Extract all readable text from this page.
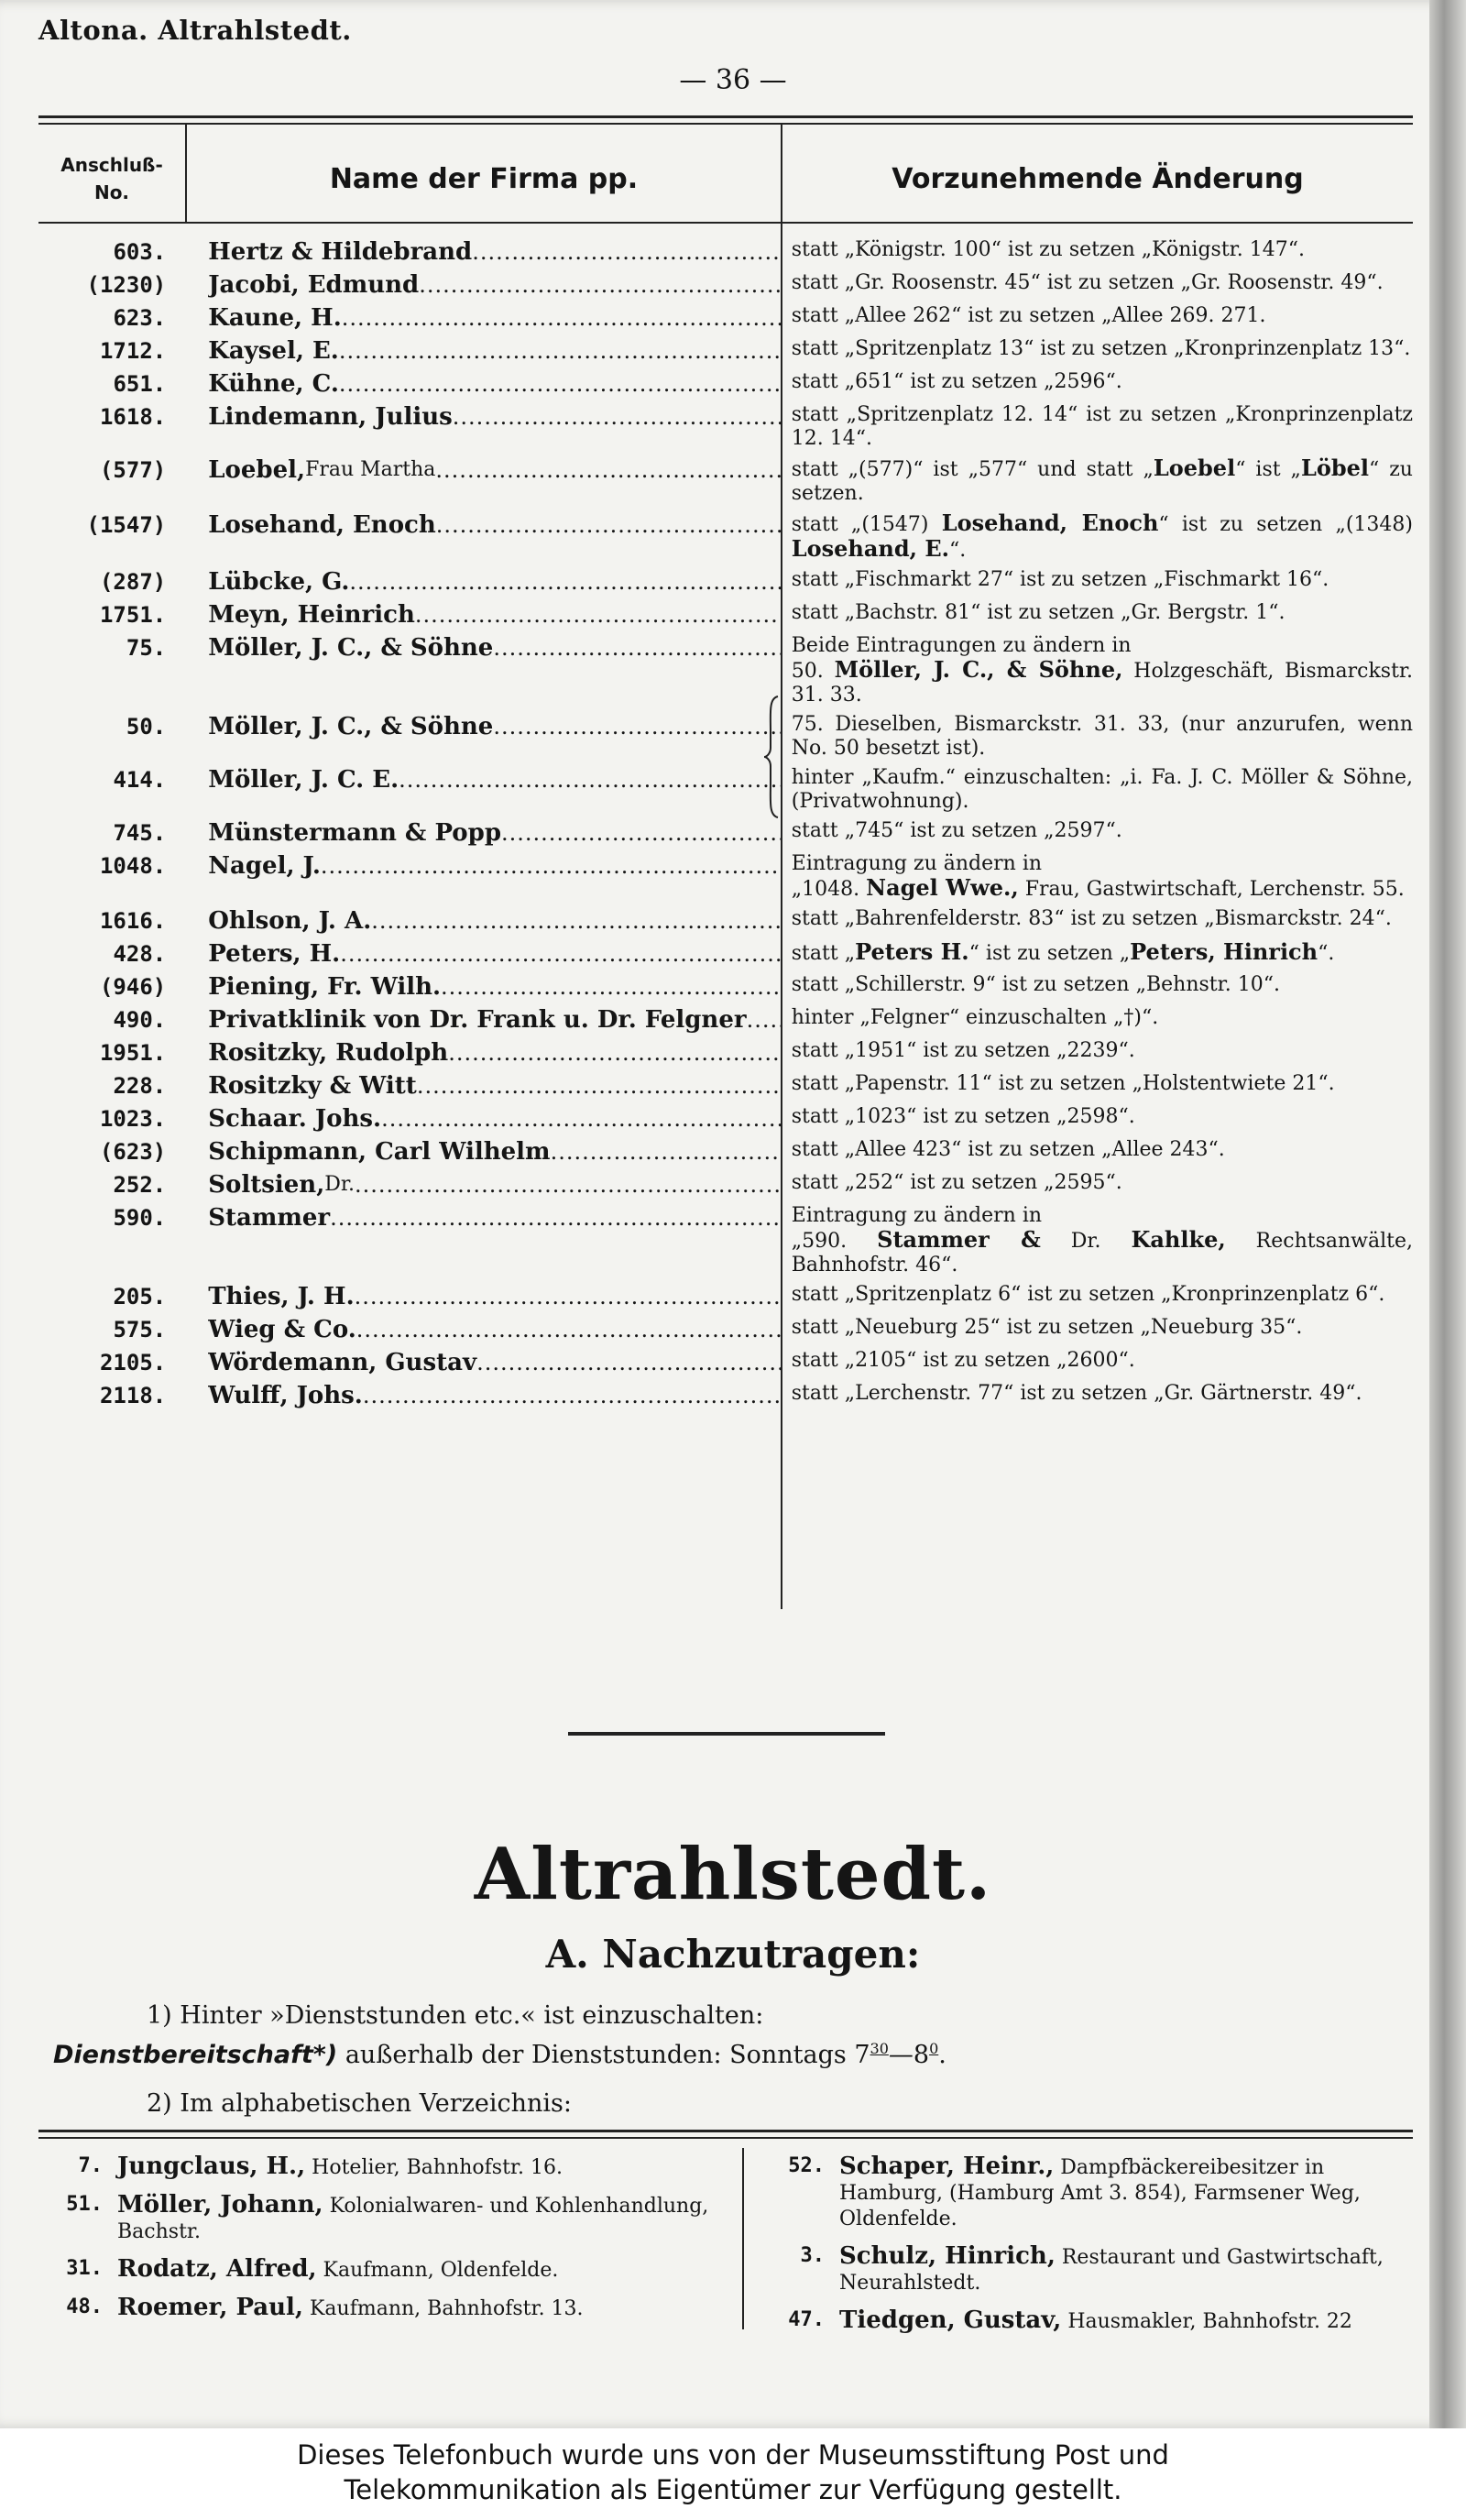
Altona. Altrahlstedt.
— 36 —
Anschluß-
No.	Name der Firma pp.	Vorzunehmende Änderung
603. Hertz & Hildebrand .....	statt „Königstr. 100“ ist zu setzen „Königstr. 147“.
(1230) Jacobi, Edmund .....	statt „Gr. Roosenstr. 45“ ist zu setzen „Gr. Roosenstr. 49“.
623. Kaune, H. .....	statt „Allee 262“ ist zu setzen „Allee 269. 271.
1712. Kaysel, E. .....	statt „Spritzenplatz 13“ ist zu setzen „Kronprinzenplatz 13“.
651. Kühne, C. .....	statt „651“ ist zu setzen „2596“.
1618. Lindemann, Julius .....	statt „Spritzenplatz 12. 14“ ist zu setzen „Kronprinzenplatz 12. 14“.
(577) Loebel, Frau Martha .....	statt „(577)“ ist „577“ und statt „Loebel“ ist „Löbel“ zu setzen.
(1547) Losehand, Enoch .....	statt „(1547) Losehand, Enoch“ ist zu setzen „(1348) Losehand, E.“.
(287) Lübcke, G. .....	statt „Fischmarkt 27“ ist zu setzen „Fischmarkt 16“.
1751. Meyn, Heinrich .....	statt „Bachstr. 81“ ist zu setzen „Gr. Bergstr. 1“.
75. Möller, J. C., & Söhne .....	Beide Eintragungen zu ändern in
50. Möller, J. C., & Söhne, Holzgeschäft, Bismarckstr. 31. 33.
50. Möller, J. C., & Söhne .....	75. Dieselben, Bismarckstr. 31. 33, (nur anzurufen, wenn No. 50 besetzt ist).
414. Möller, J. C. E. .....	hinter „Kaufm.“ einzuschalten: „i. Fa. J. C. Möller & Söhne, (Privatwohnung).
745. Münstermann & Popp .....	statt „745“ ist zu setzen „2597“.
1048. Nagel, J. .....	Eintragung zu ändern in
„1048. Nagel Wwe., Frau, Gastwirtschaft, Lerchenstr. 55.
1616. Ohlson, J. A. .....	statt „Bahrenfelderstr. 83“ ist zu setzen „Bismarckstr. 24“.
428. Peters, H. .....	statt „Peters H.“ ist zu setzen „Peters, Hinrich“.
(946) Piening, Fr. Wilh. .....	statt „Schillerstr. 9“ ist zu setzen „Behnstr. 10“.
490. Privatklinik von Dr. Frank u. Dr. Felgner ..... hinter „Felgner“ einzuschalten „†)“.
1951. Rositzky, Rudolph .....	statt „1951“ ist zu setzen „2239“.
228. Rositzky & Witt .....	statt „Papenstr. 11“ ist zu setzen „Holstentwiete 21“.
1023. Schaar. Johs. .....	statt „1023“ ist zu setzen „2598“.
(623) Schipmann, Carl Wilhelm .....	statt „Allee 423“ ist zu setzen „Allee 243“.
252. Soltsien, Dr. .....	statt „252“ ist zu setzen „2595“.
590. Stammer .....	Eintragung zu ändern in
„590. Stammer & Dr. Kahlke, Rechtsanwälte, Bahnhofstr. 46“.
205. Thies, J. H. .....	statt „Spritzenplatz 6“ ist zu setzen „Kronprinzenplatz 6“.
575. Wieg & Co. .....	statt „Neueburg 25“ ist zu setzen „Neueburg 35“.
2105. Wördemann, Gustav .....	statt „2105“ ist zu setzen „2600“.
2118. Wulff, Johs. .....	statt „Lerchenstr. 77“ ist zu setzen „Gr. Gärtnerstr. 49“.
Altrahlstedt.
A. Nachzutragen:
1) Hinter »Dienststunden etc.« ist einzuschalten:
Dienstbereitschaft*) außerhalb der Dienststunden: Sonntags $7^{30}—8^0$.
2) Im alphabetischen Verzeichnis:
7. Jungclaus, H., Hotelier, Bahnhofstr. 16.
51. Möller, Johann, Kolonialwaren- und Kohlenhandlung, Bachstr.
31. Rodatz, Alfred, Kaufmann, Oldenfelde.
48. Roemer, Paul, Kaufmann, Bahnhofstr. 13.
52. Schaper, Heinr., Dampfbäckereibesitzer in Hamburg, (Hamburg Amt 3. 854), Farmsener Weg, Oldenfelde.
3. Schulz, Hinrich, Restaurant und Gastwirtschaft, Neurahlstedt.
47. Tiedgen, Gustav, Hausmakler, Bahnhofstr. 22
Dieses Telefonbuch wurde uns von der Museumsstiftung Post und
Telekommunikation als Eigentümer zur Verfügung gestellt.
